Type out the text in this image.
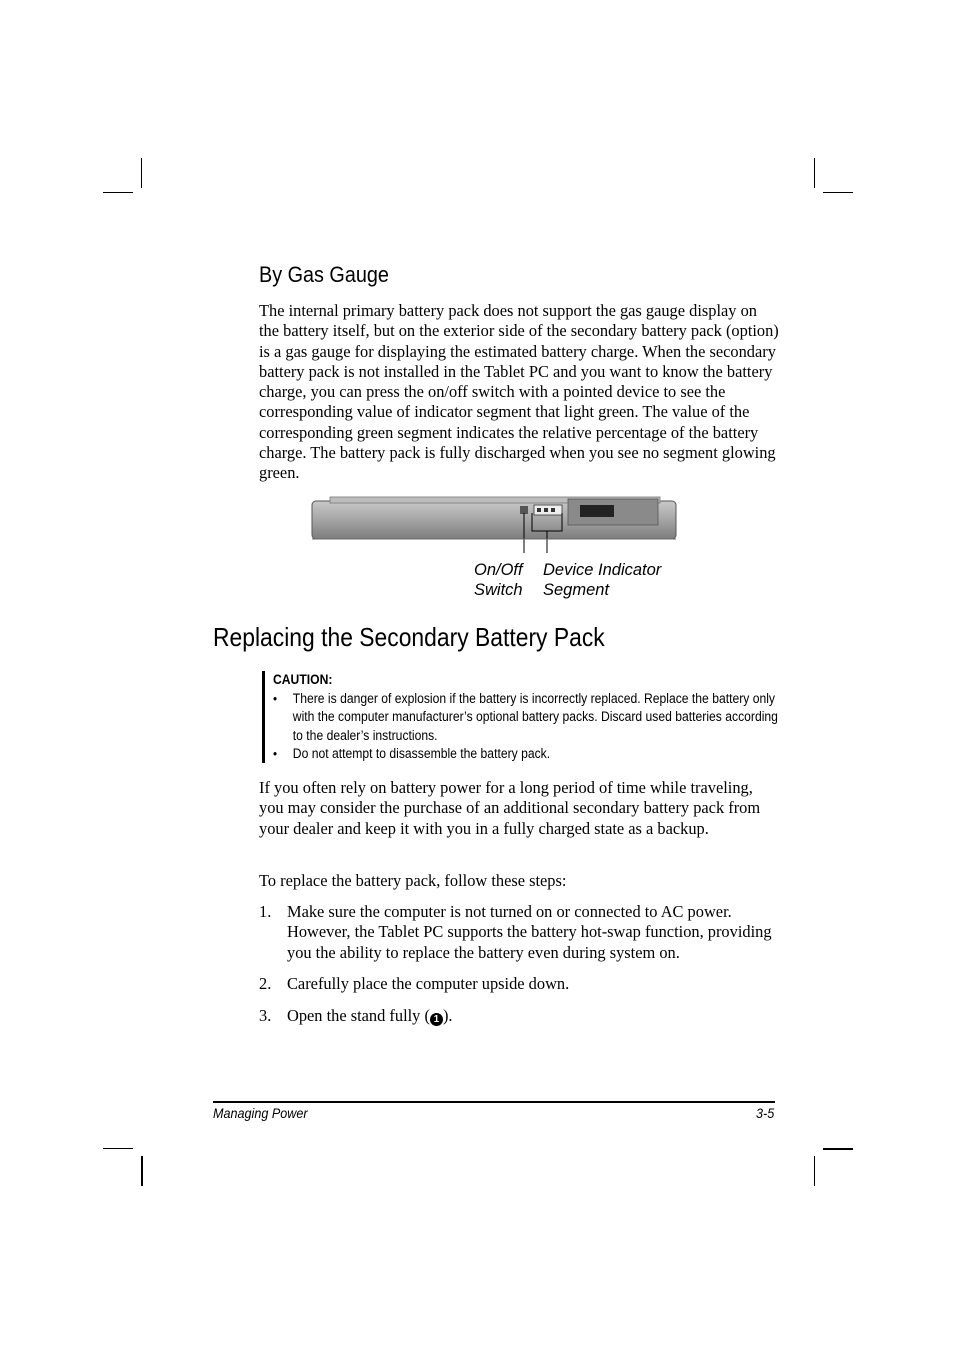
By Gas Gauge

The internal primary battery pack does not support the gas gauge display on the battery itself, but on the exterior side of the secondary battery pack (option) is a gas gauge for displaying the estimated battery charge. When the secondary battery pack is not installed in the Tablet PC and you want to know the battery charge, you can press the on/off switch with a pointed device to see the corresponding value of indicator segment that light green. The value of the corresponding green segment indicates the relative percentage of the battery charge. The battery pack is fully discharged when you see no segment glowing green.

On/Off
Switch
Device Indicator
Segment
Replacing the Secondary Battery Pack
CAUTION:
• There is danger of explosion if the battery is incorrectly replaced. Replace the battery only with the computer manufacturer’s optional battery packs. Discard used batteries according to the dealer’s instructions.
• Do not attempt to disassemble the battery pack.

If you often rely on battery power for a long period of time while traveling, you may consider the purchase of an additional secondary battery pack from your dealer and keep it with you in a fully charged state as a backup.

To replace the battery pack, follow these steps:

1. Make sure the computer is not turned on or connected to AC power. However, the Tablet PC supports the battery hot-swap function, providing you the ability to replace the battery even during system on.
2. Carefully place the computer upside down.
3. Open the stand fully ( 1 ).
Managing Power	3-5
